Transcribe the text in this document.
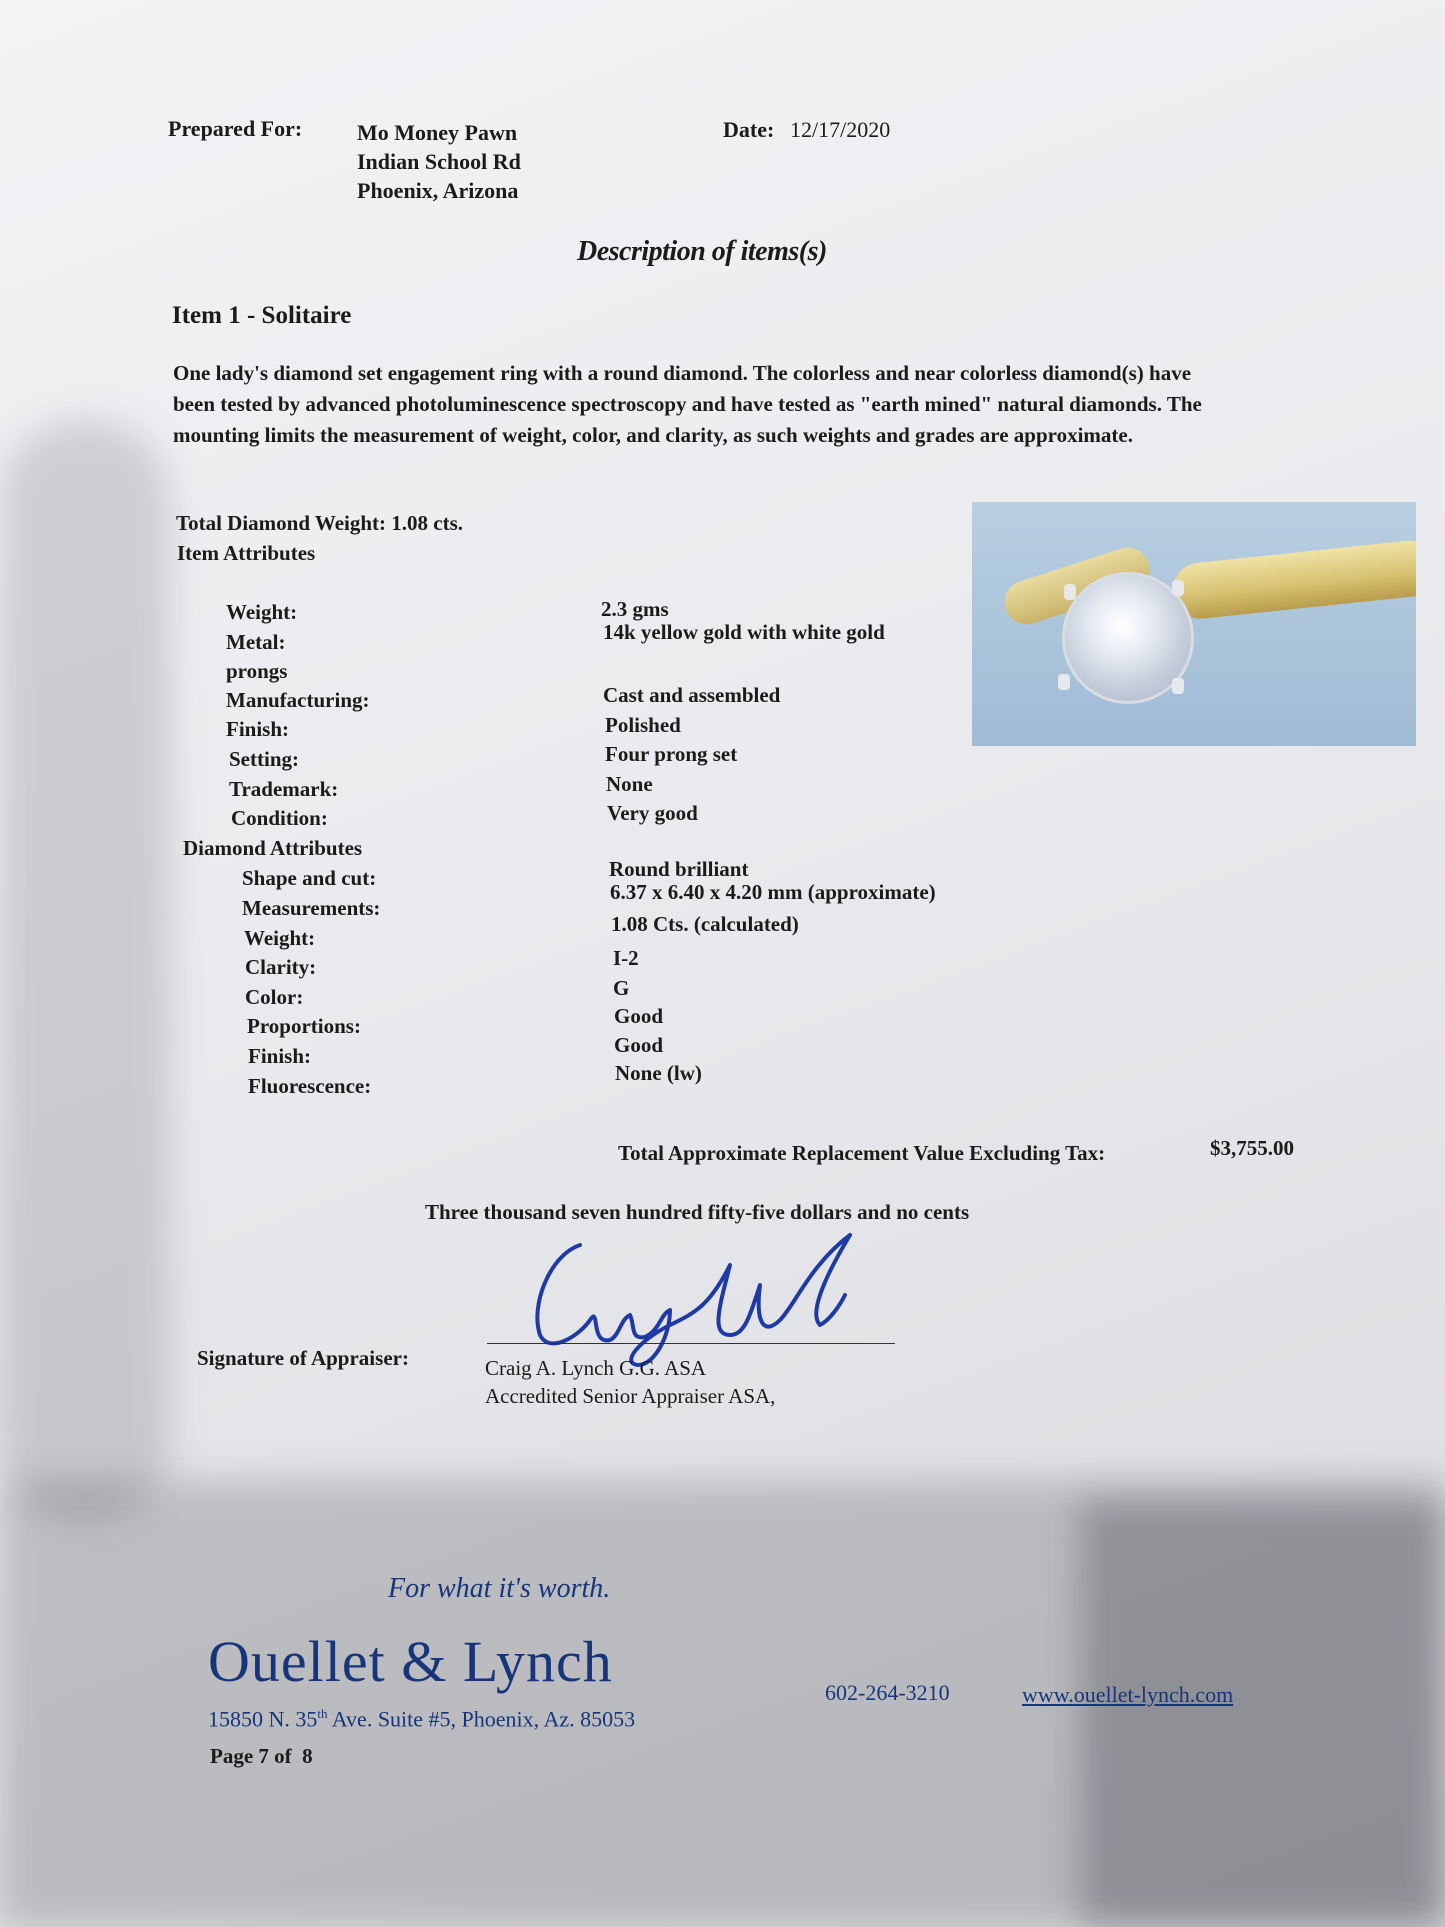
Prepared For: Mo Money Pawn
Indian School Rd
Phoenix, Arizona
Date: 12/17/2020
Description of items(s)
Item 1 - Solitaire
One lady's diamond set engagement ring with a round diamond. The colorless and near colorless diamond(s) have been tested by advanced photoluminescence spectroscopy and have tested as "earth mined" natural diamonds. The mounting limits the measurement of weight, color, and clarity, as such weights and grades are approximate.
Total Diamond Weight: 1.08 cts.
Item Attributes
Weight:	2.3 gms
Metal:	14k yellow gold with white gold
prongs
Manufacturing:	Cast and assembled
Finish:	Polished
Setting:	Four prong set
Trademark:	None
Condition:	Very good
Diamond Attributes
Shape and cut:	Round brilliant
Measurements:
6.37 x 6.40 x 4.20 mm (approximate)
Weight:
1.08 Cts. (calculated)
Clarity:	I-2
Color:	G
Proportions:	Good
Finish:	Good
Fluorescence:
None (lw)
Total Approximate Replacement Value Excluding Tax:	$3,755.00
Three thousand seven hundred fifty-five dollars and no cents
Signature of Appraiser:	Craig A. Lynch G.G. ASA
Accredited Senior Appraiser ASA,
For what it's worth.
Ouellet & Lynch
15850 N. 35th Ave. Suite #5, Phoenix, Az. 85053
602-264-3210	www.ouellet-lynch.com
Page 7 of 8
